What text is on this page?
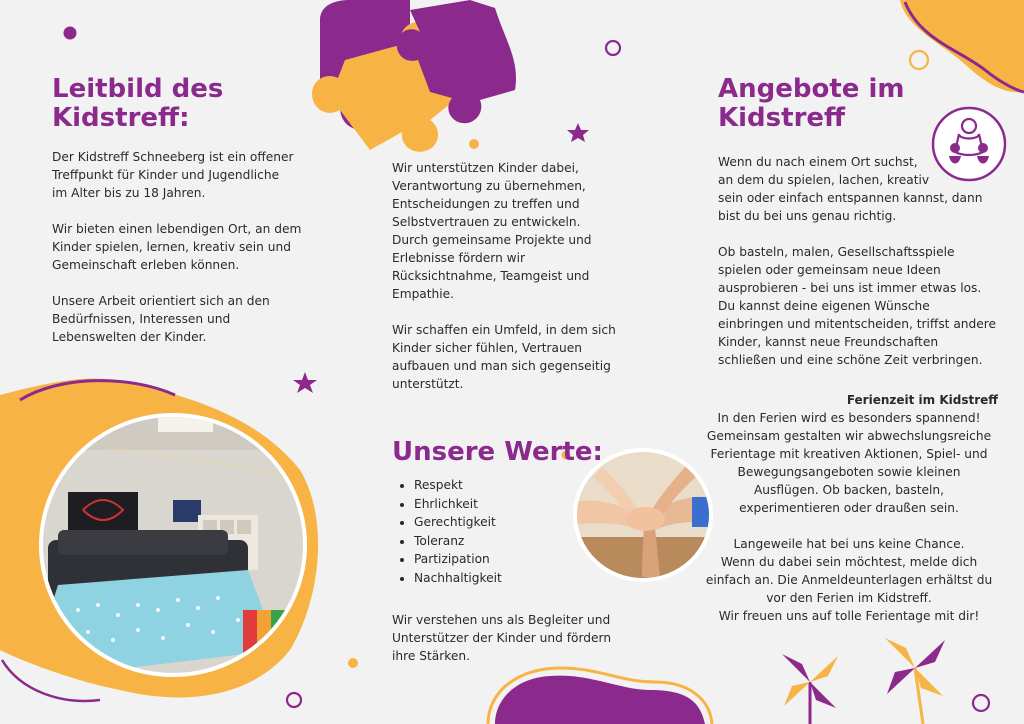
Leitbild des
Kidstreff:

Der Kidstreff Schneeberg ist ein offener
Treffpunkt für Kinder und Jugendliche
im Alter bis zu 18 Jahren.

Wir bieten einen lebendigen Ort, an dem
Kinder spielen, lernen, kreativ sein und
Gemeinschaft erleben können.

Unsere Arbeit orientiert sich an den
Bedürfnissen, Interessen und
Lebenswelten der Kinder.

Wir unterstützen Kinder dabei,
Verantwortung zu übernehmen,
Entscheidungen zu treffen und
Selbstvertrauen zu entwickeln.
Durch gemeinsame Projekte und
Erlebnisse fördern wir
Rücksichtnahme, Teamgeist und
Empathie.

Wir schaffen ein Umfeld, in dem sich
Kinder sicher fühlen, Vertrauen
aufbauen und man sich gegenseitig
unterstützt.

Unsere Werte:
• Respekt
• Ehrlichkeit
• Gerechtigkeit
• Toleranz
• Partizipation
• Nachhaltigkeit
Wir verstehen uns als Begleiter und
Unterstützer der Kinder und fördern
ihre Stärken.
Angebote im
Kidstreff

Wenn du nach einem Ort suchst,
an dem du spielen, lachen, kreativ
sein oder einfach entspannen kannst, dann
bist du bei uns genau richtig.

Ob basteln, malen, Gesellschaftsspiele
spielen oder gemeinsam neue Ideen
ausprobieren - bei uns ist immer etwas los.
Du kannst deine eigenen Wünsche
einbringen und mitentscheiden, triffst andere
Kinder, kannst neue Freundschaften
schließen und eine schöne Zeit verbringen.

Ferienzeit im Kidstreff
In den Ferien wird es besonders spannend!
Gemeinsam gestalten wir abwechslungsreiche
Ferientage mit kreativen Aktionen, Spiel- und
Bewegungsangeboten sowie kleinen
Ausflügen. Ob backen, basteln,
experimentieren oder draußen sein.
Langeweile hat bei uns keine Chance.
Wenn du dabei sein möchtest, melde dich
einfach an. Die Anmeldeunterlagen erhältst du
vor den Ferien im Kidstreff.
Wir freuen uns auf tolle Ferientage mit dir!
